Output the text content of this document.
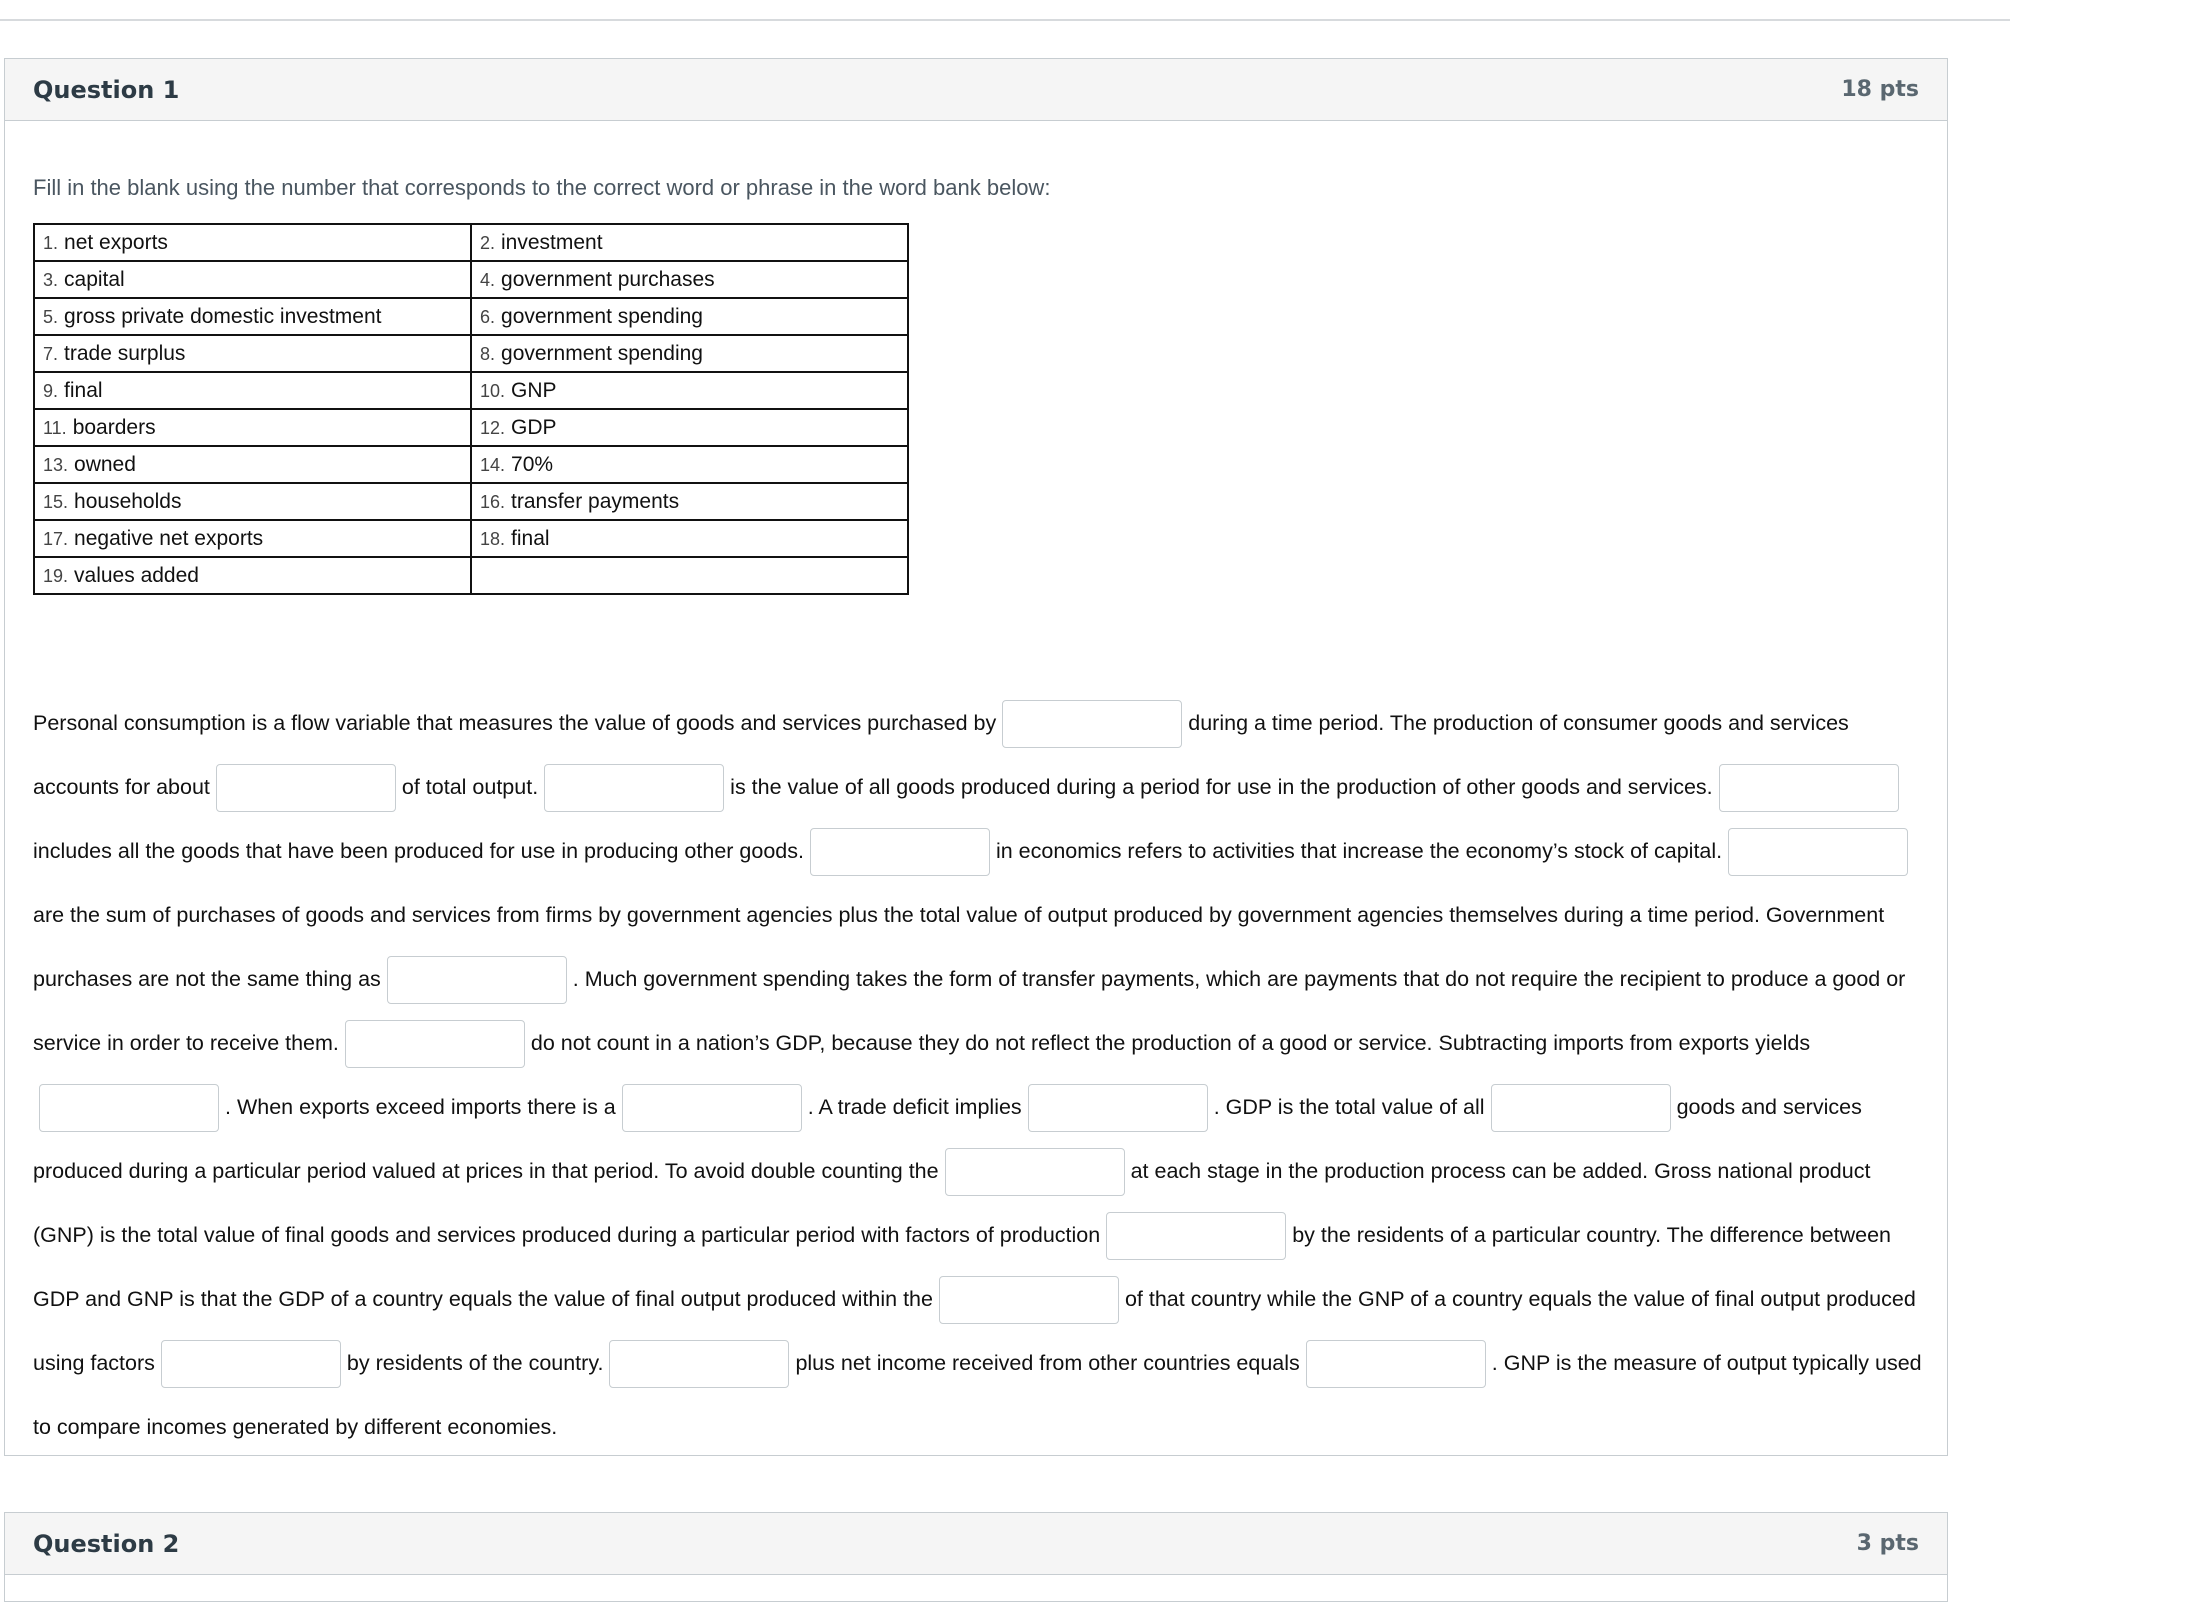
Question 1	18 pts
Fill in the blank using the number that corresponds to the correct word or phrase in the word bank below:
1. net exports	2. investment
3. capital	4. government purchases
5. gross private domestic investment	6. government spending
7. trade surplus	8. government spending
9. final	10. GNP
11. boarders	12. GDP
13. owned	14. 70%
15. households	16. transfer payments
17. negative net exports	18. final
19. values added	
Personal consumption is a flow variable that measures the value of goods and services purchased by	during a time period. The production of consumer goods and services accounts for about	of total output.	is the value of all goods produced during a period for use in the production of other goods and services.includes all the goods that have been produced for use in producing other goods.	in economics refers to activities that increase the economy’s stock of capital.are the sum of purchases of goods and services from firms by government agencies plus the total value of output produced by government agencies themselves during a time period. Government purchases are not the same thing as	. Much government spending takes the form of transfer payments, which are payments that do not require the recipient to produce a good or service in order to receive them.	do not count in a nation’s GDP, because they do not reflect the production of a good or service. Subtracting imports from exports yields. When exports exceed imports there is a	. A trade deficit implies	. GDP is the total value of all	goods and services produced during a particular period valued at prices in that period. To avoid double counting the	at each stage in the production process can be added. Gross national product (GNP) is the total value of final goods and services produced during a particular period with factors of production	by the residents of a particular country. The difference between GDP and GNP is that the GDP of a country equals the value of final output produced within the	of that country while the GNP of a country equals the value of final output produced using factors	by residents of the country.	plus net income received from other countries equals	. GNP is the measure of output typically used to compare incomes generated by different economies.
Question 2	3 pts
